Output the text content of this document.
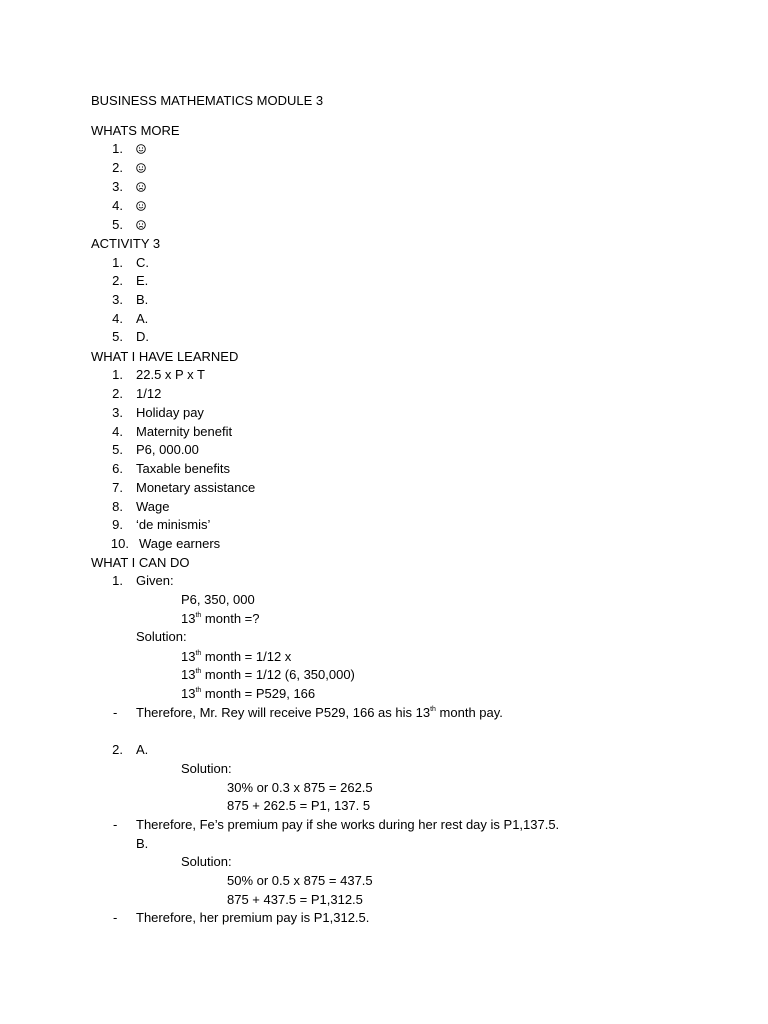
BUSINESS MATHEMATICS MODULE 3
WHATS MORE
1.
2.
3.
4.
5.
ACTIVITY 3
1. C.
2. E.
3. B.
4. A.
5. D.
WHAT I HAVE LEARNED
1. 22.5 x P x T
2. 1/12
3. Holiday pay
4. Maternity benefit
5. P6, 000.00
6. Taxable benefits
7. Monetary assistance
8. Wage
9. ‘de minismis’
10. Wage earners
WHAT I CAN DO
1. Given:
P6, 350, 000
13th month =?
Solution:
13th month = 1/12 x
13th month = 1/12 (6, 350,000)
13th month = P529, 166
- Therefore, Mr. Rey will receive P529, 166 as his 13th month pay.
2. A.
Solution:
30% or 0.3 x 875 = 262.5
875 + 262.5 = P1, 137. 5
- Therefore, Fe’s premium pay if she works during her rest day is P1,137.5.
B.
Solution:
50% or 0.5 x 875 = 437.5
875 + 437.5 = P1,312.5
- Therefore, her premium pay is P1,312.5.
